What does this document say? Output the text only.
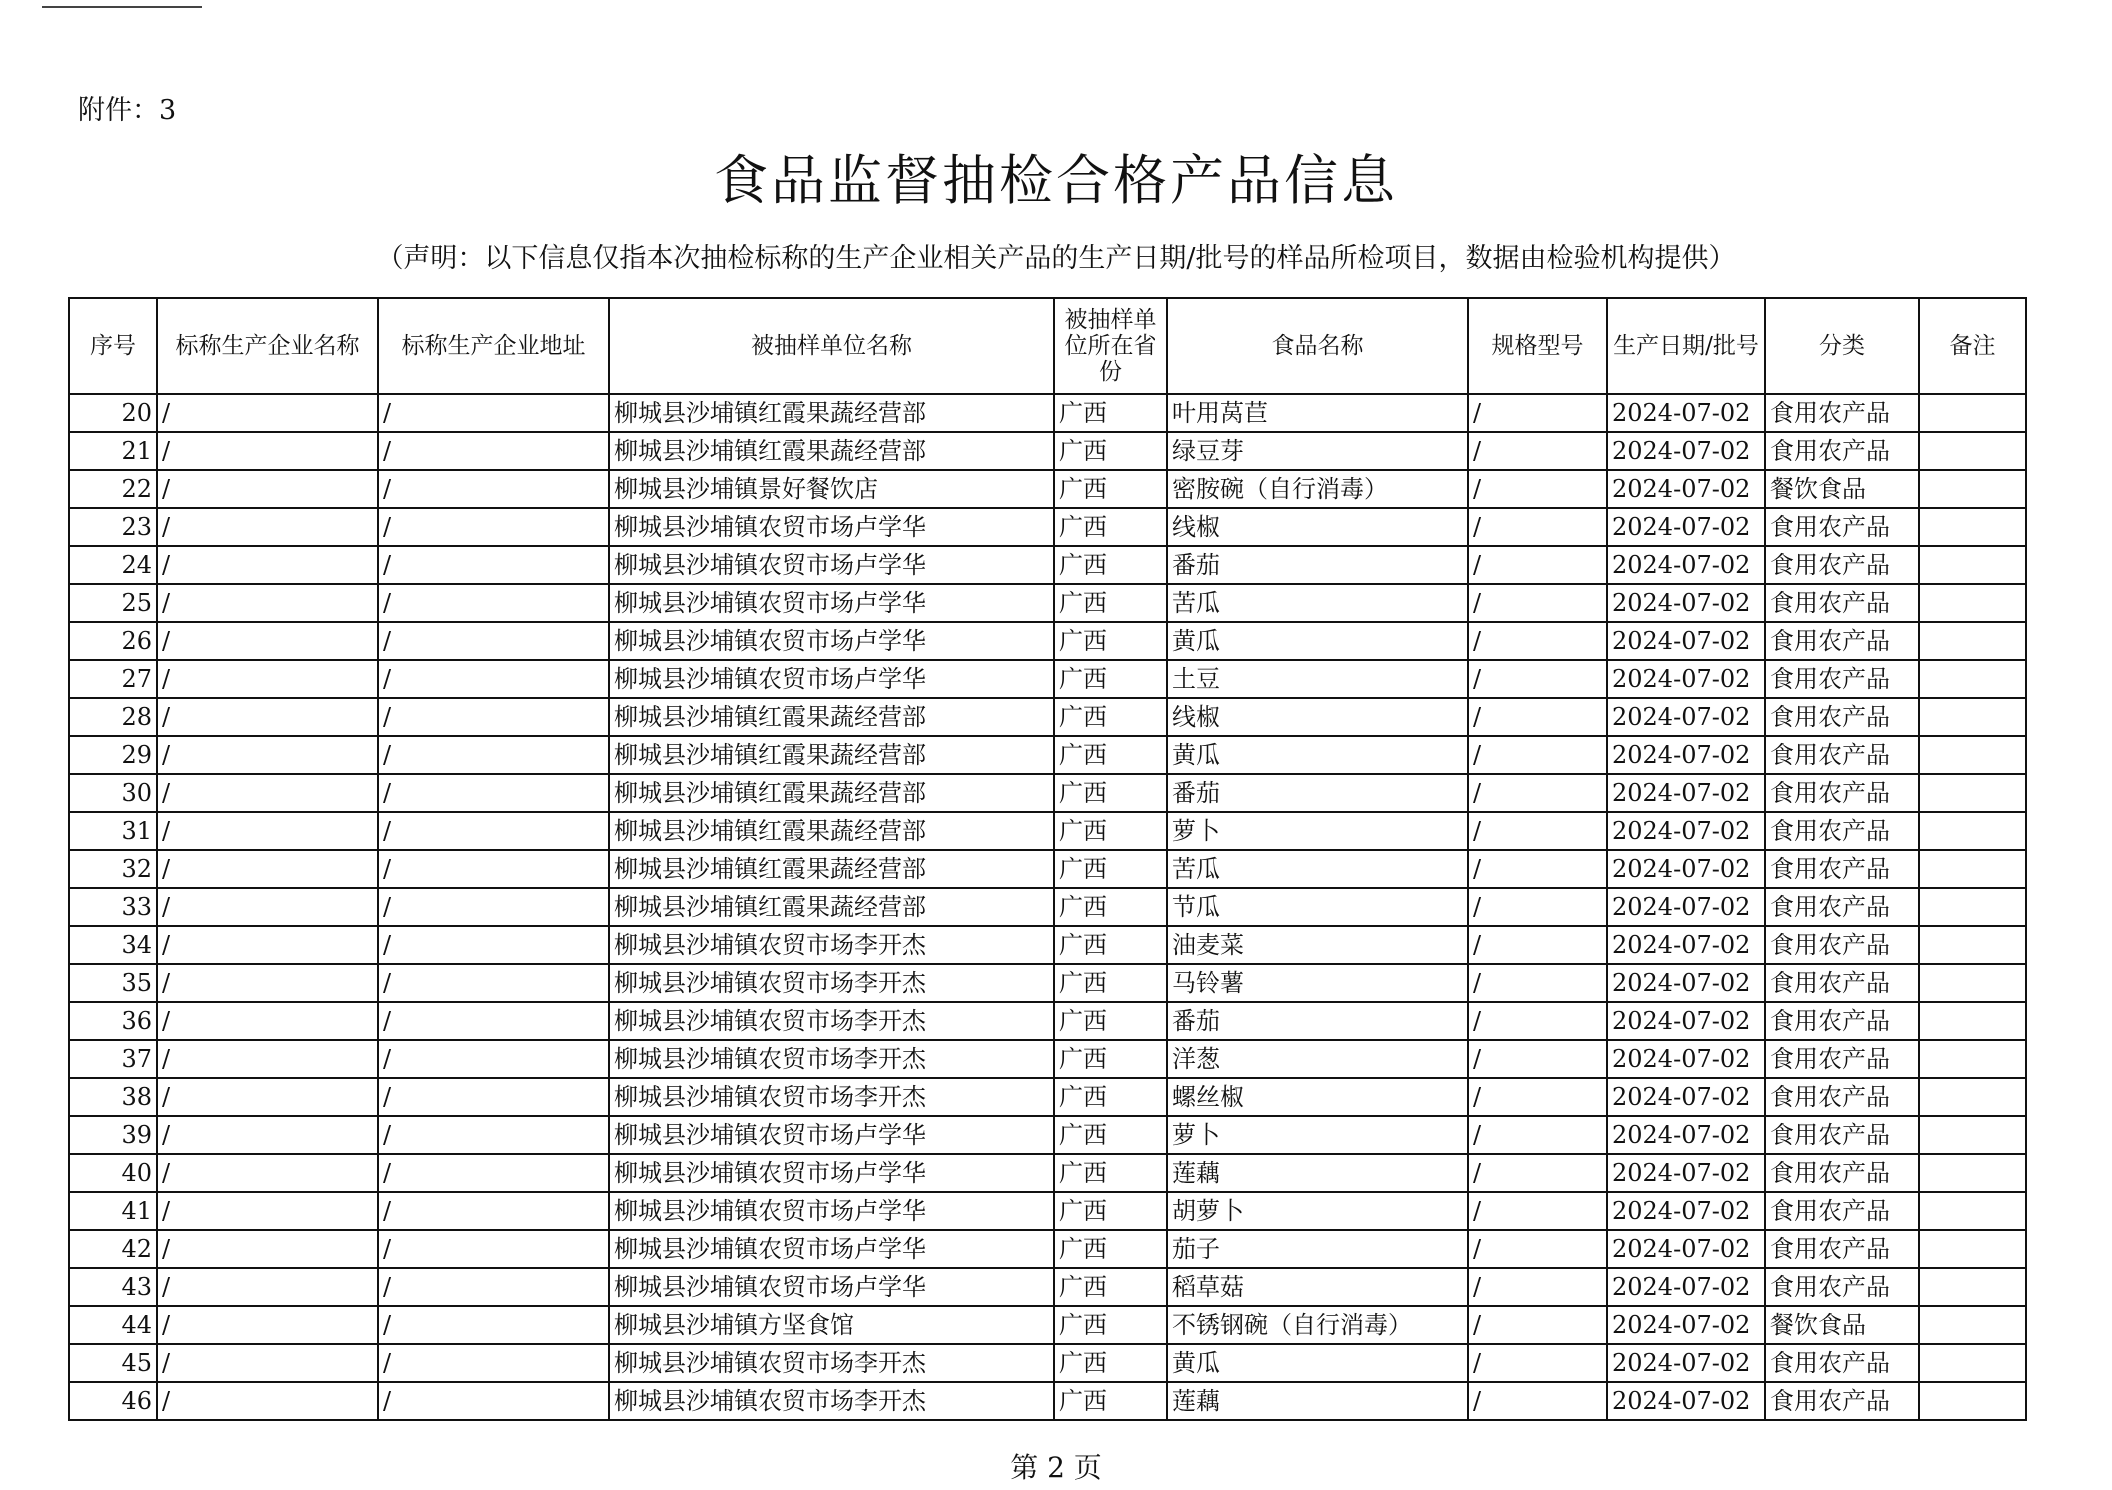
附件：3
食品监督抽检合格产品信息
（声明：以下信息仅指本次抽检标称的生产企业相关产品的生产日期/批号的样品所检项目，数据由检验机构提供）
序号	标称生产企业名称	标称生产企业地址	被抽样单位名称	被抽样单位所在省份	食品名称	规格型号	生产日期/批号	分类	备注
20	/	/	柳城县沙埔镇红霞果蔬经营部	广西	叶用莴苣	/	2024-07-02	食用农产品	
21	/	/	柳城县沙埔镇红霞果蔬经营部	广西	绿豆芽	/	2024-07-02	食用农产品	
22	/	/	柳城县沙埔镇景好餐饮店	广西	密胺碗（自行消毒）	/	2024-07-02	餐饮食品	
23	/	/	柳城县沙埔镇农贸市场卢学华	广西	线椒	/	2024-07-02	食用农产品	
24	/	/	柳城县沙埔镇农贸市场卢学华	广西	番茄	/	2024-07-02	食用农产品	
25	/	/	柳城县沙埔镇农贸市场卢学华	广西	苦瓜	/	2024-07-02	食用农产品	
26	/	/	柳城县沙埔镇农贸市场卢学华	广西	黄瓜	/	2024-07-02	食用农产品	
27	/	/	柳城县沙埔镇农贸市场卢学华	广西	土豆	/	2024-07-02	食用农产品	
28	/	/	柳城县沙埔镇红霞果蔬经营部	广西	线椒	/	2024-07-02	食用农产品	
29	/	/	柳城县沙埔镇红霞果蔬经营部	广西	黄瓜	/	2024-07-02	食用农产品	
30	/	/	柳城县沙埔镇红霞果蔬经营部	广西	番茄	/	2024-07-02	食用农产品	
31	/	/	柳城县沙埔镇红霞果蔬经营部	广西	萝卜	/	2024-07-02	食用农产品	
32	/	/	柳城县沙埔镇红霞果蔬经营部	广西	苦瓜	/	2024-07-02	食用农产品	
33	/	/	柳城县沙埔镇红霞果蔬经营部	广西	节瓜	/	2024-07-02	食用农产品	
34	/	/	柳城县沙埔镇农贸市场李开杰	广西	油麦菜	/	2024-07-02	食用农产品	
35	/	/	柳城县沙埔镇农贸市场李开杰	广西	马铃薯	/	2024-07-02	食用农产品	
36	/	/	柳城县沙埔镇农贸市场李开杰	广西	番茄	/	2024-07-02	食用农产品	
37	/	/	柳城县沙埔镇农贸市场李开杰	广西	洋葱	/	2024-07-02	食用农产品	
38	/	/	柳城县沙埔镇农贸市场李开杰	广西	螺丝椒	/	2024-07-02	食用农产品	
39	/	/	柳城县沙埔镇农贸市场卢学华	广西	萝卜	/	2024-07-02	食用农产品	
40	/	/	柳城县沙埔镇农贸市场卢学华	广西	莲藕	/	2024-07-02	食用农产品	
41	/	/	柳城县沙埔镇农贸市场卢学华	广西	胡萝卜	/	2024-07-02	食用农产品	
42	/	/	柳城县沙埔镇农贸市场卢学华	广西	茄子	/	2024-07-02	食用农产品	
43	/	/	柳城县沙埔镇农贸市场卢学华	广西	稻草菇	/	2024-07-02	食用农产品	
44	/	/	柳城县沙埔镇方坚食馆	广西	不锈钢碗（自行消毒）	/	2024-07-02	餐饮食品	
45	/	/	柳城县沙埔镇农贸市场李开杰	广西	黄瓜	/	2024-07-02	食用农产品	
46	/	/	柳城县沙埔镇农贸市场李开杰	广西	莲藕	/	2024-07-02	食用农产品	
第 2 页
